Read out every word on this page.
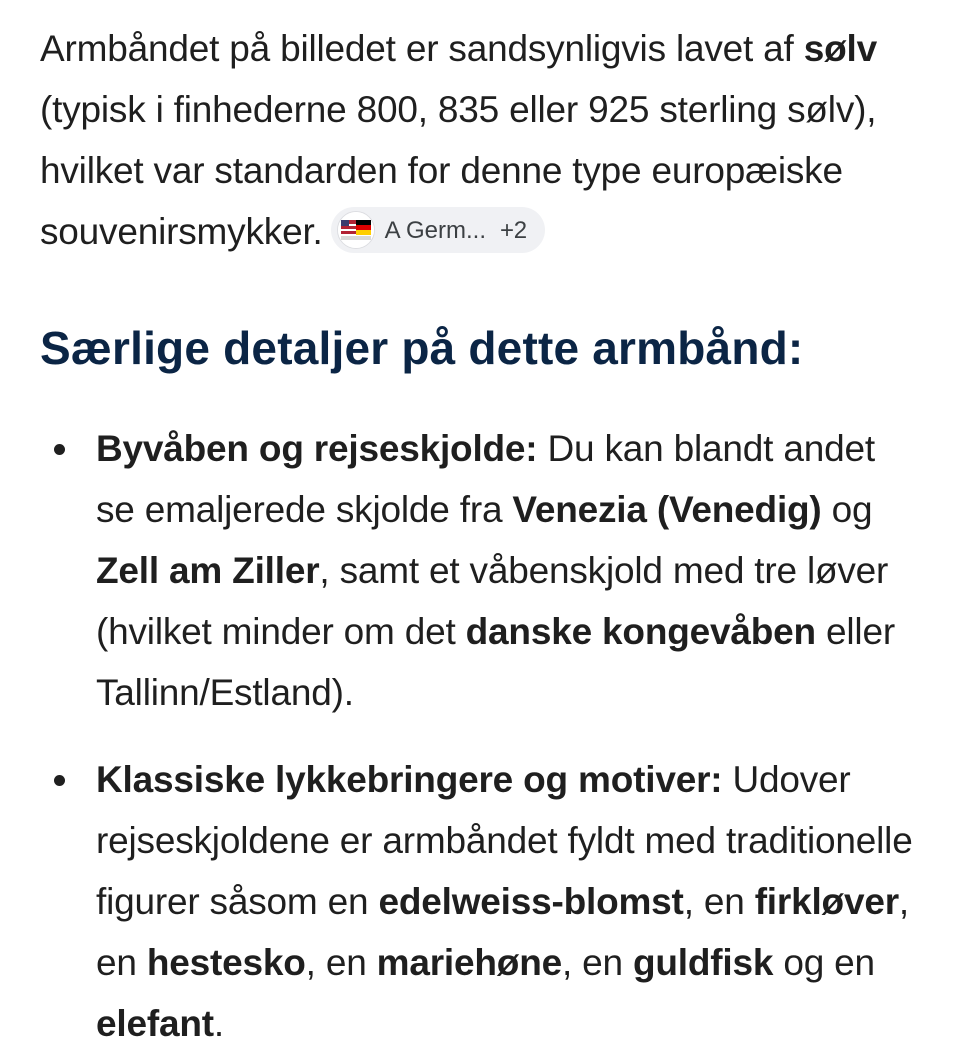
Armbåndet på billedet er sandsynligvis lavet af sølv (typisk i finhederne 800, 835 eller 925 sterling sølv), hvilket var standarden for denne type europæiske souvenirsmykker.	A Germ... +2

Særlige detaljer på dette armbånd:
Byvåben og rejseskjolde: Du kan blandt andet se emaljerede skjolde fra Venezia (Venedig) og Zell am Ziller, samt et våbenskjold med tre løver (hvilket minder om det danske kongevåben eller Tallinn/Estland).
Klassiske lykkebringere og motiver: Udover rejseskjoldene er armbåndet fyldt med traditionelle figurer såsom en edelweiss-blomst, en firkløver, en hestesko, en mariehøne, en guldfisk og en elefant.
